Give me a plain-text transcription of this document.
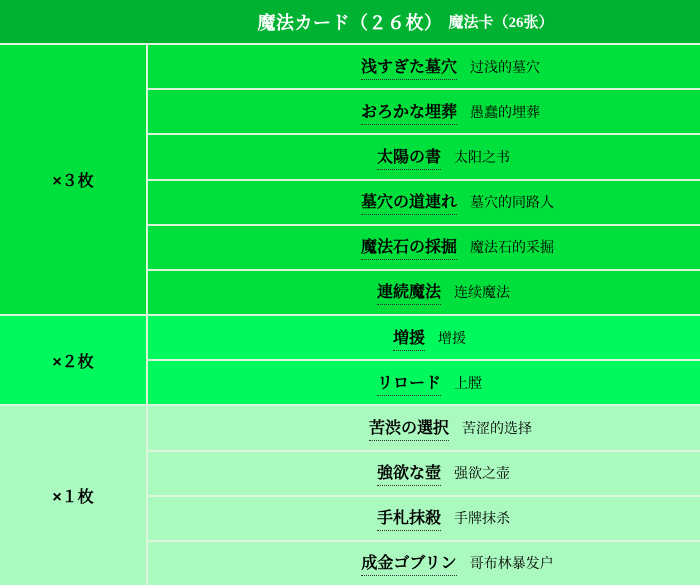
魔法カード（２６枚） 魔法卡（26张）
×３枚
×２枚
×１枚
浅すぎた墓穴 过浅的墓穴
おろかな埋葬 愚蠢的埋葬
太陽の書 太阳之书
墓穴の道連れ 墓穴的同路人
魔法石の採掘 魔法石的采掘
連続魔法 连续魔法
増援 增援
リロード 上膛
苦渋の選択 苦涩的选择
強欲な壺 强欲之壶
手札抹殺 手牌抹杀
成金ゴブリン 哥布林暴发户
